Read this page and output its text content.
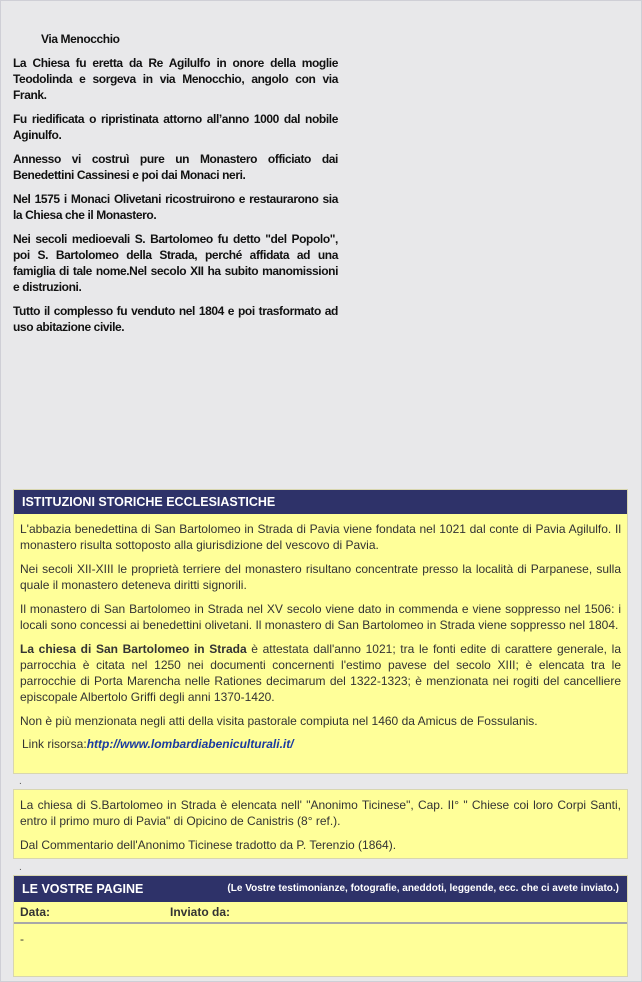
Via Menocchio

La Chiesa fu eretta da Re Agilulfo in onore della moglie Teodolinda e sorgeva in via Menocchio, angolo con via Frank.

Fu riedificata o ripristinata attorno all’anno 1000 dal nobile Aginulfo.

Annesso vi costruì pure un Monastero officiato dai Benedettini Cassinesi e poi dai Monaci neri.

Nel 1575 i Monaci Olivetani ricostruirono e restaurarono sia la Chiesa che il Monastero.

Nei secoli medioevali S. Bartolomeo fu detto "del Popolo", poi S. Bartolomeo della Strada, perché affidata ad una famiglia di tale nome.Nel secolo XII ha subito manomissioni e distruzioni.

Tutto il complesso fu venduto nel 1804 e poi trasformato ad uso abitazione civile.

ISTITUZIONI STORICHE ECCLESIASTICHE

L'abbazia benedettina di San Bartolomeo in Strada di Pavia viene fondata nel 1021 dal conte di Pavia Agilulfo. Il monastero risulta sottoposto alla giurisdizione del vescovo di Pavia.

Nei secoli XII-XIII le proprietà terriere del monastero risultano concentrate presso la località di Parpanese, sulla quale il monastero deteneva diritti signorili.

Il monastero di San Bartolomeo in Strada nel XV secolo viene dato in commenda e viene soppresso nel 1506: i locali sono concessi ai benedettini olivetani. Il monastero di San Bartolomeo in Strada viene soppresso nel 1804.

La chiesa di San Bartolomeo in Strada è attestata dall'anno 1021; tra le fonti edite di carattere generale, la parrocchia è citata nel 1250 nei documenti concernenti l'estimo pavese del secolo XIII; è elencata tra le parrocchie di Porta Marencha nelle Rationes decimarum del 1322-1323; è menzionata nei rogiti del cancelliere episcopale Albertolo Griffi degli anni 1370-1420.

Non è più menzionata negli atti della visita pastorale compiuta nel 1460 da Amicus de Fossulanis.

Link risorsa:http://www.lombardiabeniculturali.it/
.

La chiesa di S.Bartolomeo in Strada è elencata nell' "Anonimo Ticinese", Cap. II° " Chiese coi loro Corpi Santi, entro il primo muro di Pavia" di Opicino de Canistris (8° ref.).

Dal Commentario dell'Anonimo Ticinese tradotto da P. Terenzio (1864).

.
LE VOSTRE PAGINE	(Le Vostre testimonianze, fotografie, aneddoti, leggende, ecc. che ci avete inviato.)
Data:	Inviato da:
-
